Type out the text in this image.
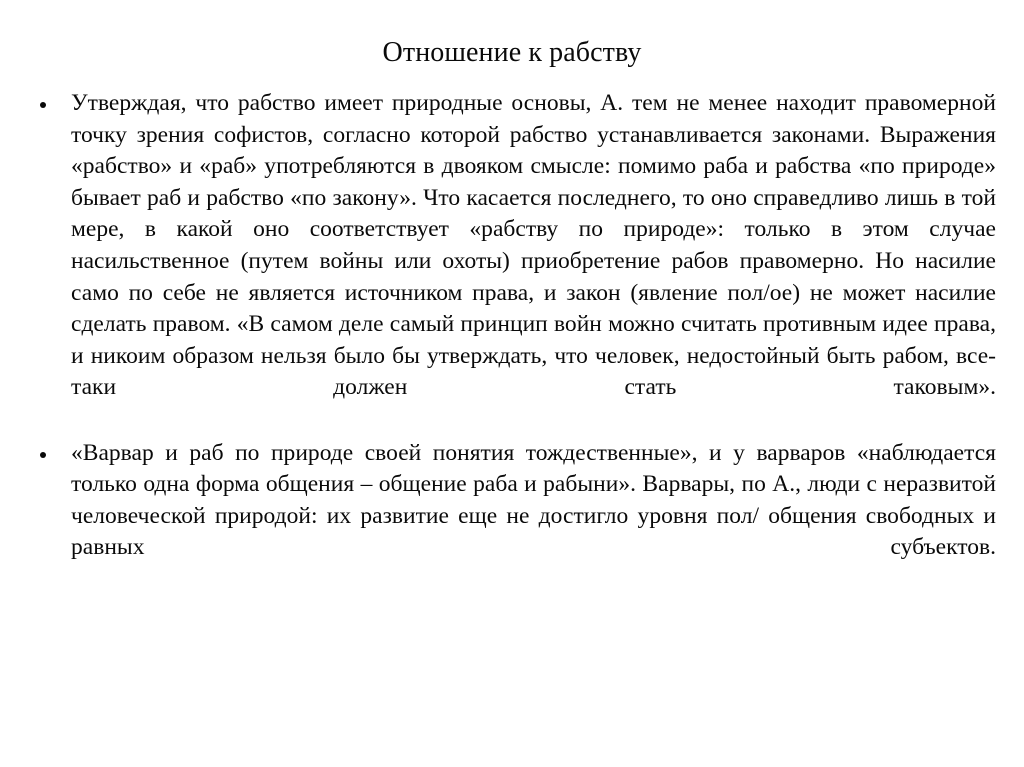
Отношение к рабству
Утверждая, что рабство имеет природные основы, А. тем не менее находит правомерной точку зрения софистов, согласно которой рабство устанавливается законами. Выражения «рабство» и «раб» употребляются в двояком смысле: помимо раба и рабства «по природе» бывает раб и рабство «по закону». Что касается последнего, то оно справедливо лишь в той мере, в какой оно соответствует «рабству по природе»: только в этом случае насильственное (путем войны или охоты) приобретение рабов правомерно. Но насилие само по себе не является источником права, и закон (явление пол/ое) не может насилие сделать правом. «В самом деле самый принцип войн можно считать противным идее права, и никоим образом нельзя было бы утверждать, что человек, недостойный быть рабом, все-таки должен стать таковым».
«Варвар и раб по природе своей понятия тождественные», и у варваров «наблюдается только одна форма общения – общение раба и рабыни». Варвары, по А., люди с неразвитой человеческой природой: их развитие еще не достигло уровня пол/ общения свободных и равных субъектов.
